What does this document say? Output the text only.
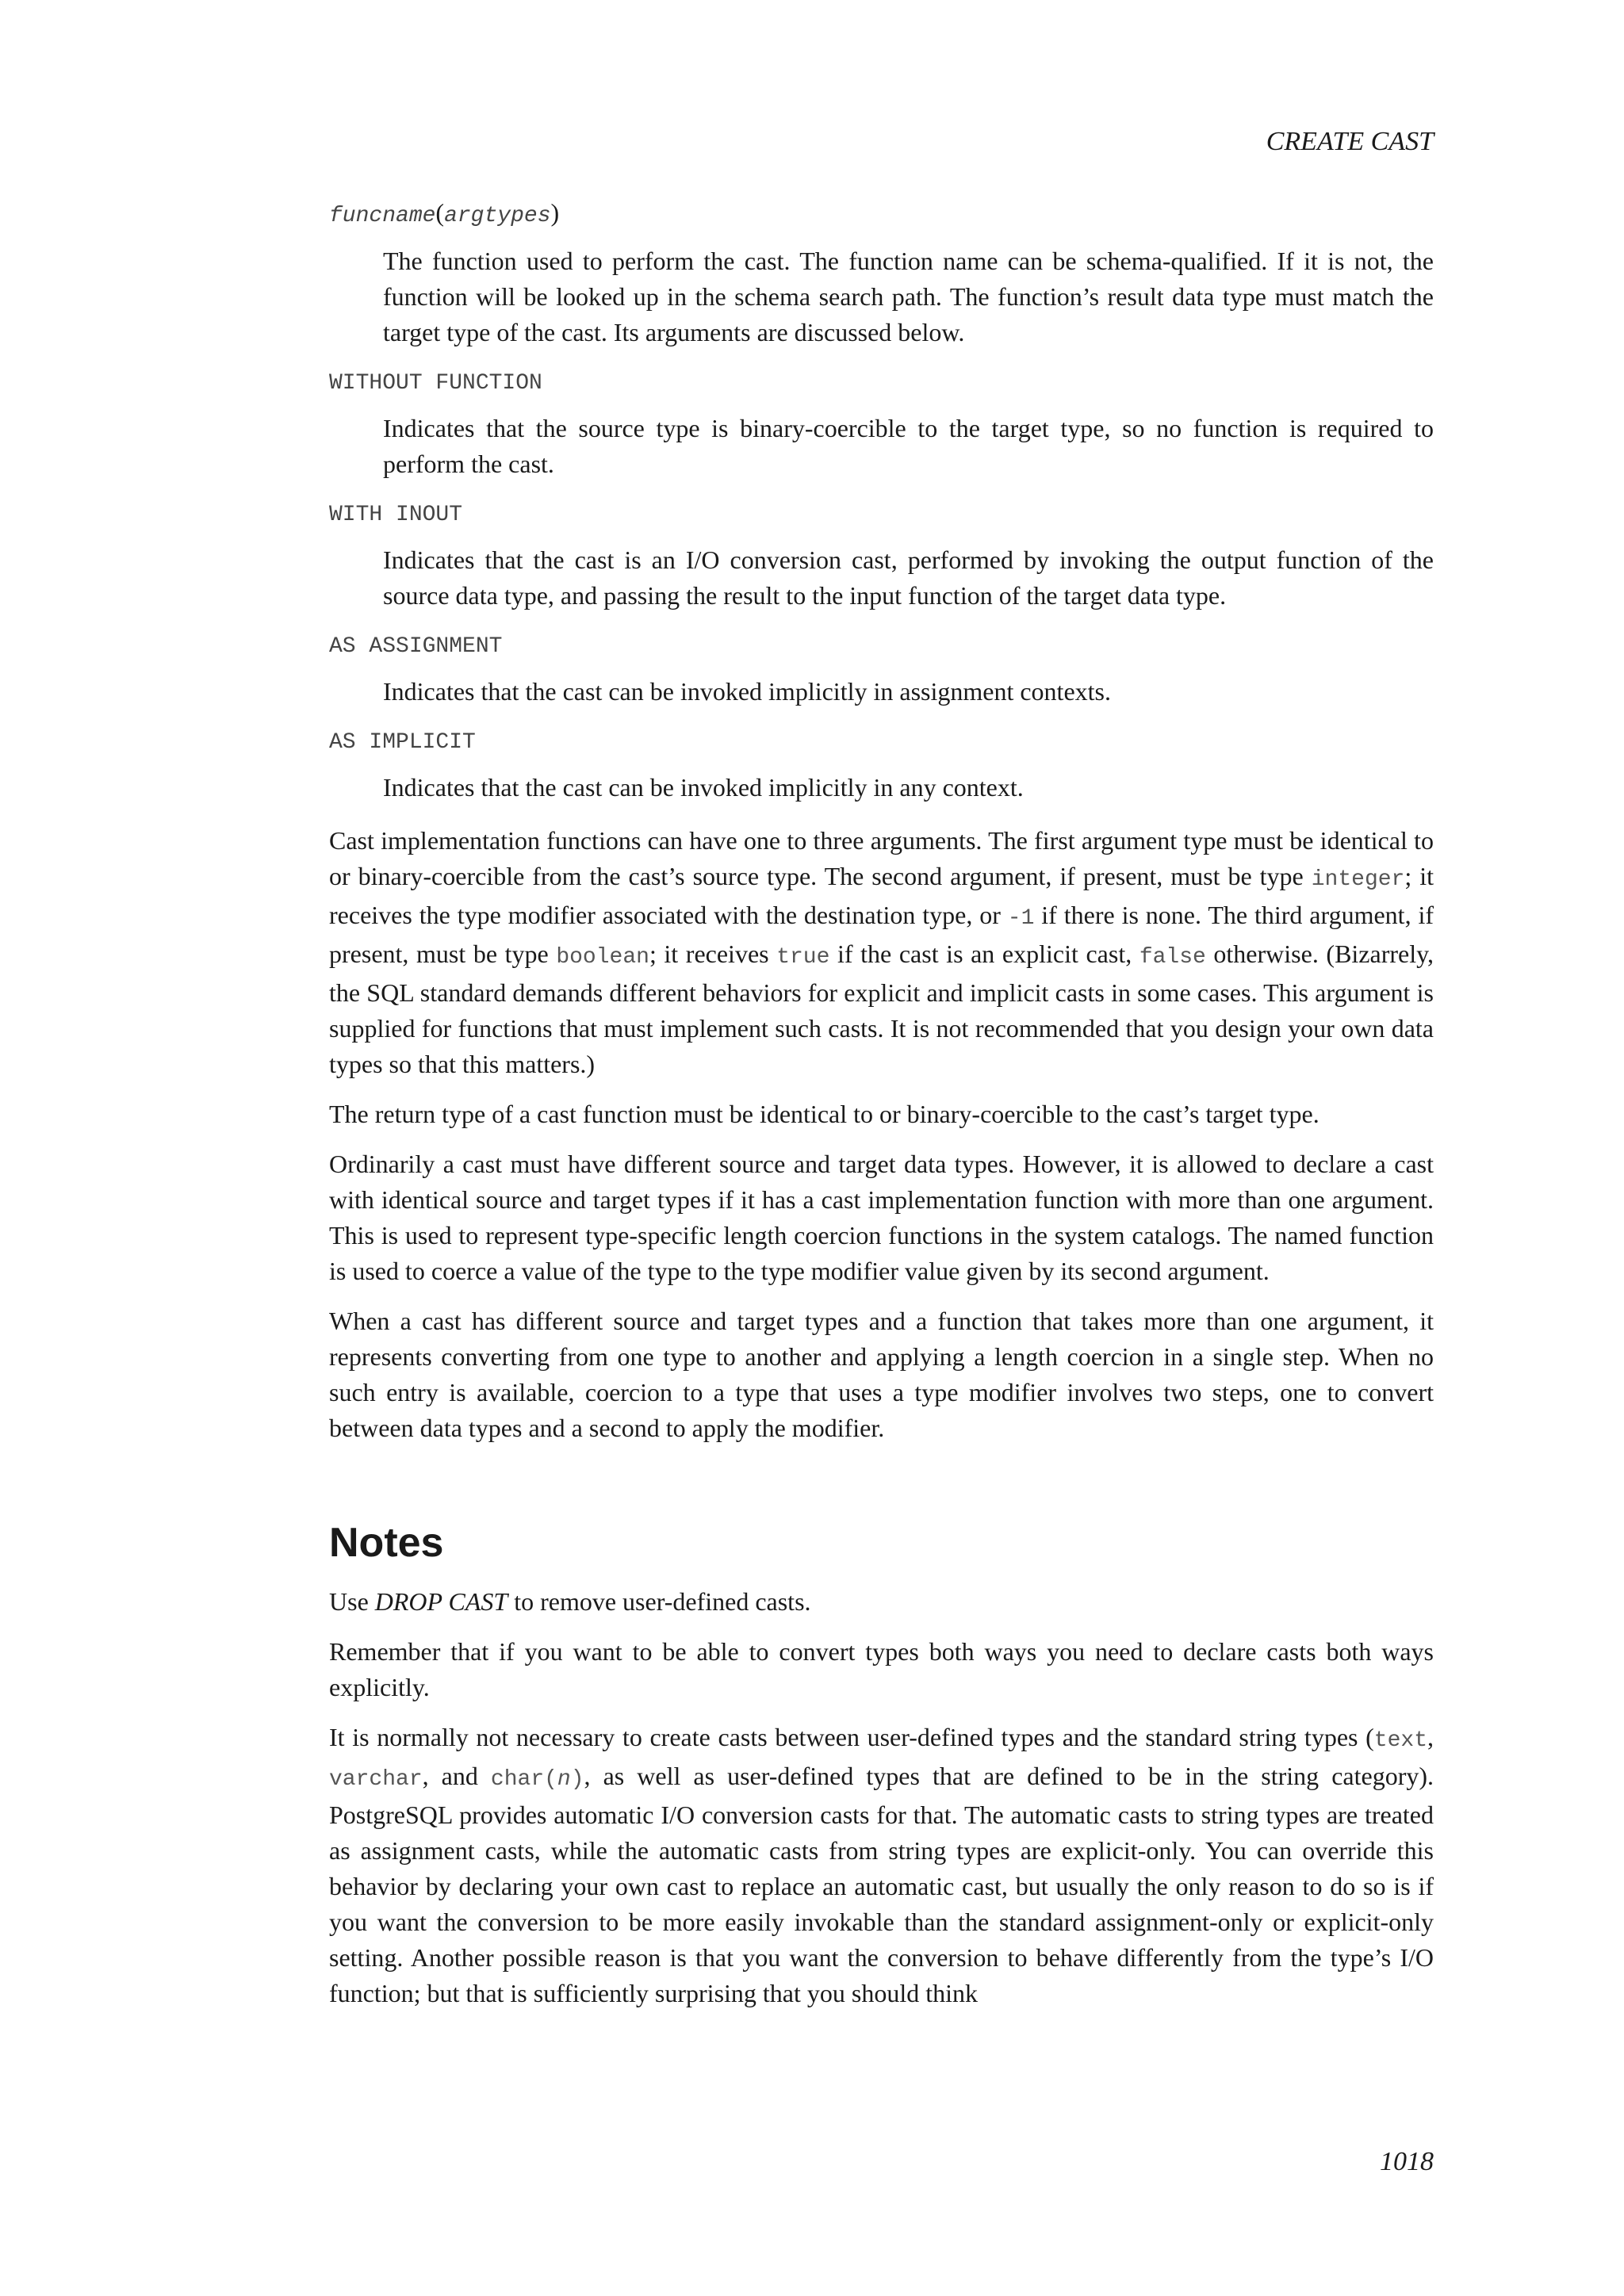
CREATE CAST
funcname(argtypes)

The function used to perform the cast. The function name can be schema-qualified. If it is not, the function will be looked up in the schema search path. The function’s result data type must match the target type of the cast. Its arguments are discussed below.

WITHOUT FUNCTION

Indicates that the source type is binary-coercible to the target type, so no function is required to perform the cast.

WITH INOUT

Indicates that the cast is an I/O conversion cast, performed by invoking the output function of the source data type, and passing the result to the input function of the target data type.

AS ASSIGNMENT

Indicates that the cast can be invoked implicitly in assignment contexts.

AS IMPLICIT

Indicates that the cast can be invoked implicitly in any context.

Cast implementation functions can have one to three arguments. The first argument type must be identical to or binary-coercible from the cast’s source type. The second argument, if present, must be type integer; it receives the type modifier associated with the destination type, or -1 if there is none. The third argument, if present, must be type boolean; it receives true if the cast is an explicit cast, false otherwise. (Bizarrely, the SQL standard demands different behaviors for explicit and implicit casts in some cases. This argument is supplied for functions that must implement such casts. It is not recommended that you design your own data types so that this matters.)

The return type of a cast function must be identical to or binary-coercible to the cast’s target type.

Ordinarily a cast must have different source and target data types. However, it is allowed to declare a cast with identical source and target types if it has a cast implementation function with more than one argument. This is used to represent type-specific length coercion functions in the system catalogs. The named function is used to coerce a value of the type to the type modifier value given by its second argument.

When a cast has different source and target types and a function that takes more than one argument, it represents converting from one type to another and applying a length coercion in a single step. When no such entry is available, coercion to a type that uses a type modifier involves two steps, one to convert between data types and a second to apply the modifier.

Notes

Use DROP CAST to remove user-defined casts.

Remember that if you want to be able to convert types both ways you need to declare casts both ways explicitly.

It is normally not necessary to create casts between user-defined types and the standard string types (text, varchar, and char(n), as well as user-defined types that are defined to be in the string category). PostgreSQL provides automatic I/O conversion casts for that. The automatic casts to string types are treated as assignment casts, while the automatic casts from string types are explicit-only. You can override this behavior by declaring your own cast to replace an automatic cast, but usually the only reason to do so is if you want the conversion to be more easily invokable than the standard assignment-only or explicit-only setting. Another possible reason is that you want the conversion to behave differently from the type’s I/O function; but that is sufficiently surprising that you should think

1018
